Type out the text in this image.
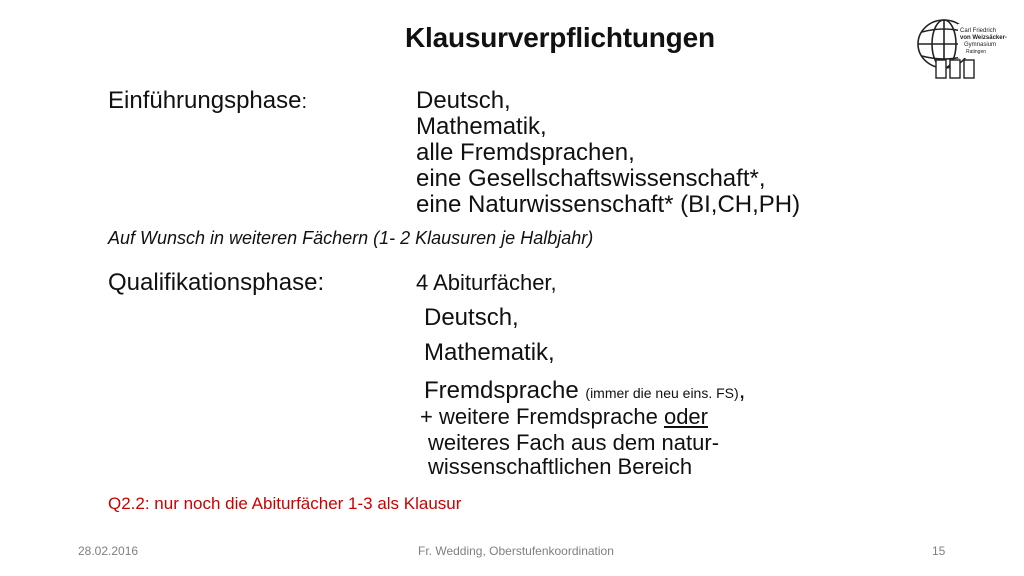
Klausurverpflichtungen	Carl Friedrich
von Weizsäcker-
Gymnasium
Ratingen
Einführungsphase:	Deutsch,
Mathematik,
alle Fremdsprachen,
eine Gesellschaftswissenschaft*,
eine Naturwissenschaft* (BI,CH,PH)
Auf Wunsch in weiteren Fächern (1- 2 Klausuren je Halbjahr)
Qualifikationsphase:	4 Abiturfächer,
Deutsch,
Mathematik,
Fremdsprache (immer die neu eins. FS),
+ weitere Fremdsprache oder
weiteres Fach aus dem natur-
wissenschaftlichen Bereich
Q2.2: nur noch die Abiturfächer 1-3 als Klausur
28.02.2016	Fr. Wedding, Oberstufenkoordination	15
